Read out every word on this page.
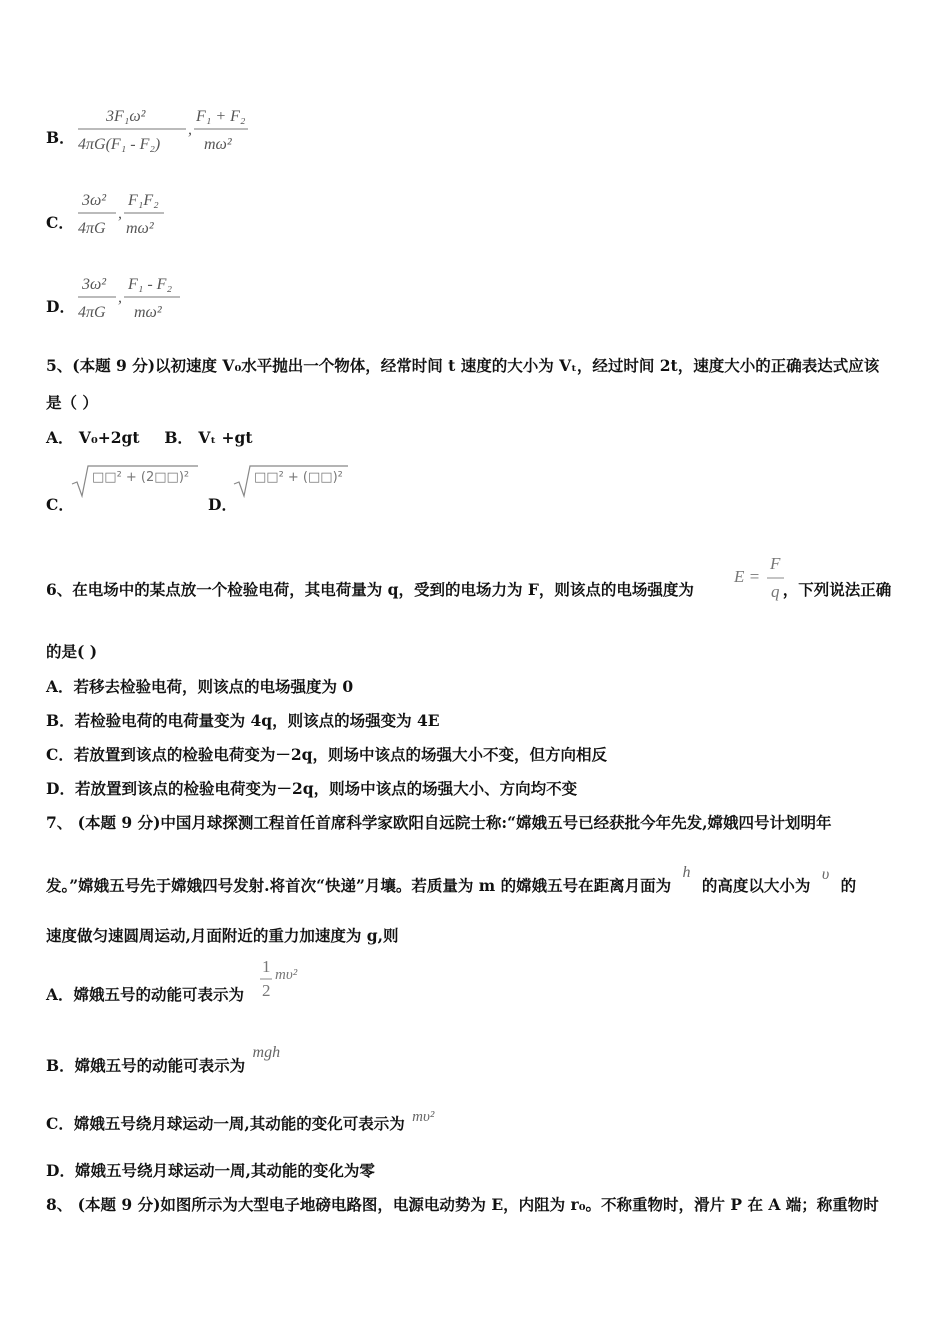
B．
3F₁ω²
4πG(F₁ - F₂)
,
F₁ + F₂
mω²
C．
3ω²
4πG
,
F₁F₂
mω²
D．
3ω²
4πG
,
F₁ - F₂
mω²
5、(本题 9 分)以初速度 V₀水平抛出一个物体，经常时间 t 速度的大小为 Vₜ，经过时间 2t，速度大小的正确表达式应该
是（ ）
A． V₀+2gt B． Vₜ +gt
C．
□□² + (2□□)²
D．
□□² + (□□)²
6、在电场中的某点放一个检验电荷，其电荷量为 q，受到的电场力为 F，则该点的电场强度为	，下列说法正确
E =
F
q
的是( )
A．若移去检验电荷，则该点的电场强度为 0
B．若检验电荷的电荷量变为 4q，则该点的场强变为 4E
C．若放置到该点的检验电荷变为－2q，则场中该点的场强大小不变，但方向相反
D．若放置到该点的检验电荷变为－2q，则场中该点的场强大小、方向均不变
7、 (本题 9 分)中国月球探测工程首任首席科学家欧阳自远院士称:“嫦娥五号已经获批今年先发,嫦娥四号计划明年
发。”嫦娥五号先于嫦娥四号发射.将首次“快递”月壤。若质量为 m 的嫦娥五号在距离月面为 h 的高度以大小为 υ 的
速度做匀速圆周运动,月面附近的重力加速度为 g,则
A．嫦娥五号的动能可表示为
1
2
mυ²
B．嫦娥五号的动能可表示为 mgh
C．嫦娥五号绕月球运动一周,其动能的变化可表示为 mυ²
D．嫦娥五号绕月球运动一周,其动能的变化为零
8、 (本题 9 分)如图所示为大型电子地磅电路图，电源电动势为 E，内阻为 r₀。不称重物时，滑片 P 在 A 端；称重物时
